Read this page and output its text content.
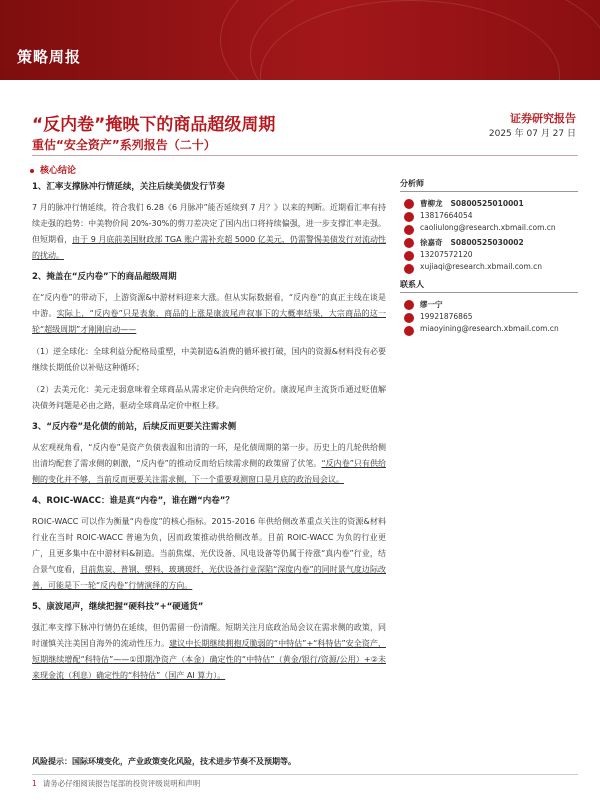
策略周报
“反内卷”掩映下的商品超级周期	证券研究报告
重估“安全资产”系列报告（二十）
2025 年 07 月 27 日
核心结论
1、汇率支撑脉冲行情延续，关注后续美债发行节奏
7 月的脉冲行情延续，符合我们 6.28《6 月脉冲”能否延续到 7 月？》以来的判断。近期看汇率有持续走强的趋势：中美物价间 20%-30%的剪刀差决定了国内出口将持续偏强，进一步支撑汇率走强。但短期看，由于 9 月底前美国财政部 TGA 账户需补充超 5000 亿美元，仍需警惕美债发行对流动性的扰动。
2、掩盖在“反内卷”下的商品超级周期
在“反内卷”的带动下，上游资源&中游材料迎来大涨。但从实际数据看，“反内卷”的真正主线在谈是中游。实际上，“反内卷”只是表象，商品的上涨是康波尾声叙事下的大概率结果，大宗商品的这一轮“超级周期”才刚刚启动——
（1）逆全球化：全球利益分配格局重塑，中美制造&消费的循环被打破，国内的资源&材料没有必要继续长期低价以补贴这种循环；
（2）去美元化：美元走弱意味着全球商品从需求定价走向供给定价。康波尾声主流货币通过贬值解决债务问题是必由之路，驱动全球商品定价中枢上移。
3、“反内卷”是化债的前站，后续反而更要关注需求侧
从宏观视角看，“反内卷”是资产负债表温和出清的一环，是化债周期的第一步。历史上的几轮供给侧出清均配套了需求侧的刺激，“反内卷”的推动反而给后续需求侧的政策留了伏笔。“反内卷”只有供给侧的变化并不够，当前反而更要关注需求侧，下一个重要观测窗口是月底的政治局会议。
4、ROIC-WACC：谁是真“内卷”，谁在蹭“内卷”？
ROIC-WACC 可以作为衡量“内卷度”的核心指标。2015-2016 年供给侧改革重点关注的资源&材料行业在当时 ROIC-WACC 普遍为负，因而政策推动供给侧改革。目前 ROIC-WACC 为负的行业更广，且更多集中在中游材料&制造。当前焦煤、光伏设备、风电设备等仍属于待涨“真内卷”行业，结合景气度看，目前焦炭、普钢、塑料、玻璃玻纤、光伏设备行业深陷“深度内卷”的同时景气度边际改善，可能是下一轮“反内卷”行情演绎的方向。
5、康波尾声，继续把握“硬科技”+“硬通货”
强汇率支撑下脉冲行情仍在延续，但仍需留一份清醒。短期关注月底政治局会议在需求侧的政策，同时谨慎关注美国自海外的流动性压力。建议中长期继续拥抱反脆弱的“中特估”+“科特估”安全资产，短期继续增配“科特估”——①即期净资产（本金）确定性的“中特估”（黄金/银行/资源/公用）+②未来现金流（利息）确定性的“科特估”（国产 AI 算力）。
分析师
曹柳龙 S0800525010001
13817664054
caoliulong@research.xbmail.com.cn
徐嘉奇 S0800525030002
13207572120
xujiaqi@research.xbmail.com.cn
联系人
缪一宁
19921876865
miaoyining@research.xbmail.com.cn
风险提示：国际环境变化，产业政策变化风险，技术进步节奏不及预期等。
1 请务必仔细阅读报告尾部的投资评级说明和声明
